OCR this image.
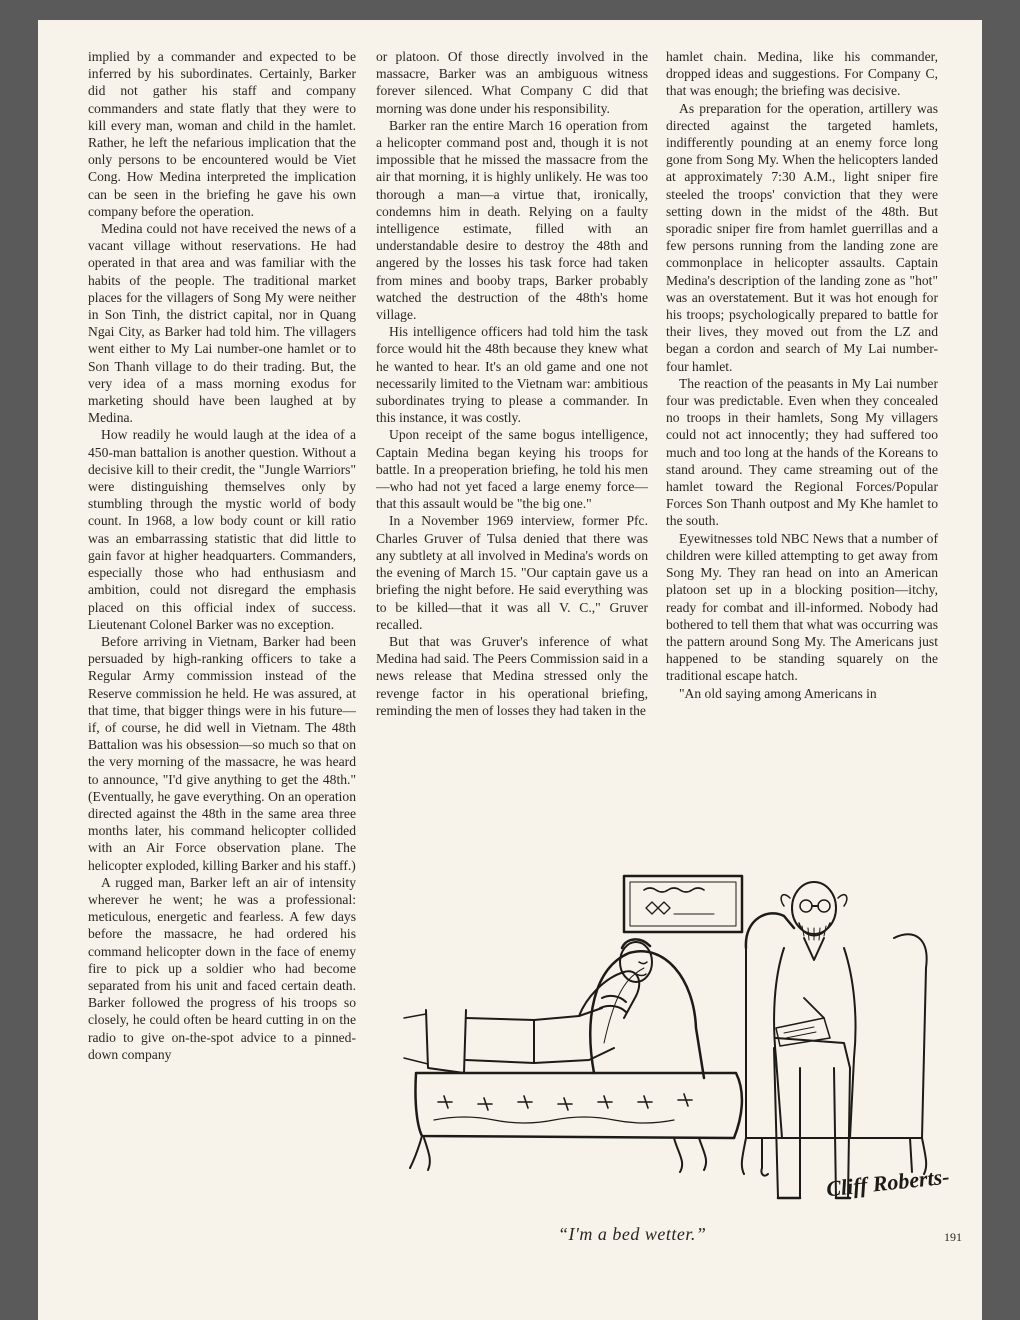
implied by a commander and expected to be inferred by his subordinates. Certainly, Barker did not gather his staff and company commanders and state flatly that they were to kill every man, woman and child in the hamlet. Rather, he left the nefarious implication that the only persons to be encountered would be Viet Cong. How Medina interpreted the implication can be seen in the briefing he gave his own company before the operation.

Medina could not have received the news of a vacant village without reservations. He had operated in that area and was familiar with the habits of the people. The traditional market places for the villagers of Song My were neither in Son Tinh, the district capital, nor in Quang Ngai City, as Barker had told him. The villagers went either to My Lai number-one hamlet or to Son Thanh village to do their trading. But, the very idea of a mass morning exodus for marketing should have been laughed at by Medina.

How readily he would laugh at the idea of a 450-man battalion is another question. Without a decisive kill to their credit, the "Jungle Warriors" were distinguishing themselves only by stumbling through the mystic world of body count. In 1968, a low body count or kill ratio was an embarrassing statistic that did little to gain favor at higher headquarters. Commanders, especially those who had enthusiasm and ambition, could not disregard the emphasis placed on this official index of success. Lieutenant Colonel Barker was no exception.

Before arriving in Vietnam, Barker had been persuaded by high-ranking officers to take a Regular Army commission instead of the Reserve commission he held. He was assured, at that time, that bigger things were in his future—if, of course, he did well in Vietnam. The 48th Battalion was his obsession—so much so that on the very morning of the massacre, he was heard to announce, "I'd give anything to get the 48th." (Eventually, he gave everything. On an operation directed against the 48th in the same area three months later, his command helicopter collided with an Air Force observation plane. The helicopter exploded, killing Barker and his staff.)

A rugged man, Barker left an air of intensity wherever he went; he was a professional: meticulous, energetic and fearless. A few days before the massacre, he had ordered his command helicopter down in the face of enemy fire to pick up a soldier who had become separated from his unit and faced certain death. Barker followed the progress of his troops so closely, he could often be heard cutting in on the radio to give on-the-spot advice to a pinned-down company

or platoon. Of those directly involved in the massacre, Barker was an ambiguous witness forever silenced. What Company C did that morning was done under his responsibility.

Barker ran the entire March 16 operation from a helicopter command post and, though it is not impossible that he missed the massacre from the air that morning, it is highly unlikely. He was too thorough a man—a virtue that, ironically, condemns him in death. Relying on a faulty intelligence estimate, filled with an understandable desire to destroy the 48th and angered by the losses his task force had taken from mines and booby traps, Barker probably watched the destruction of the 48th's home village.

His intelligence officers had told him the task force would hit the 48th because they knew what he wanted to hear. It's an old game and one not necessarily limited to the Vietnam war: ambitious subordinates trying to please a commander. In this instance, it was costly.

Upon receipt of the same bogus intelligence, Captain Medina began keying his troops for battle. In a preoperation briefing, he told his men—who had not yet faced a large enemy force—that this assault would be "the big one."

In a November 1969 interview, former Pfc. Charles Gruver of Tulsa denied that there was any subtlety at all involved in Medina's words on the evening of March 15. "Our captain gave us a briefing the night before. He said everything was to be killed—that it was all V. C.," Gruver recalled.

But that was Gruver's inference of what Medina had said. The Peers Commission said in a news release that Medina stressed only the revenge factor in his operational briefing, reminding the men of losses they had taken in the

hamlet chain. Medina, like his commander, dropped ideas and suggestions. For Company C, that was enough; the briefing was decisive.

As preparation for the operation, artillery was directed against the targeted hamlets, indifferently pounding at an enemy force long gone from Song My. When the helicopters landed at approximately 7:30 A.M., light sniper fire steeled the troops' conviction that they were setting down in the midst of the 48th. But sporadic sniper fire from hamlet guerrillas and a few persons running from the landing zone are commonplace in helicopter assaults. Captain Medina's description of the landing zone as "hot" was an overstatement. But it was hot enough for his troops; psychologically prepared to battle for their lives, they moved out from the LZ and began a cordon and search of My Lai number-four hamlet.

The reaction of the peasants in My Lai number four was predictable. Even when they concealed no troops in their hamlets, Song My villagers could not act innocently; they had suffered too much and too long at the hands of the Koreans to stand around. They came streaming out of the hamlet toward the Regional Forces/Popular Forces Son Thanh outpost and My Khe hamlet to the south.

Eyewitnesses told NBC News that a number of children were killed attempting to get away from Song My. They ran head on into an American platoon set up in a blocking position—itchy, ready for combat and ill-informed. Nobody had bothered to tell them that what was occurring was the pattern around Song My. The Americans just happened to be standing squarely on the traditional escape hatch.

"An old saying among Americans in

Cliff Roberts-
“I'm a bed wetter.”	191
